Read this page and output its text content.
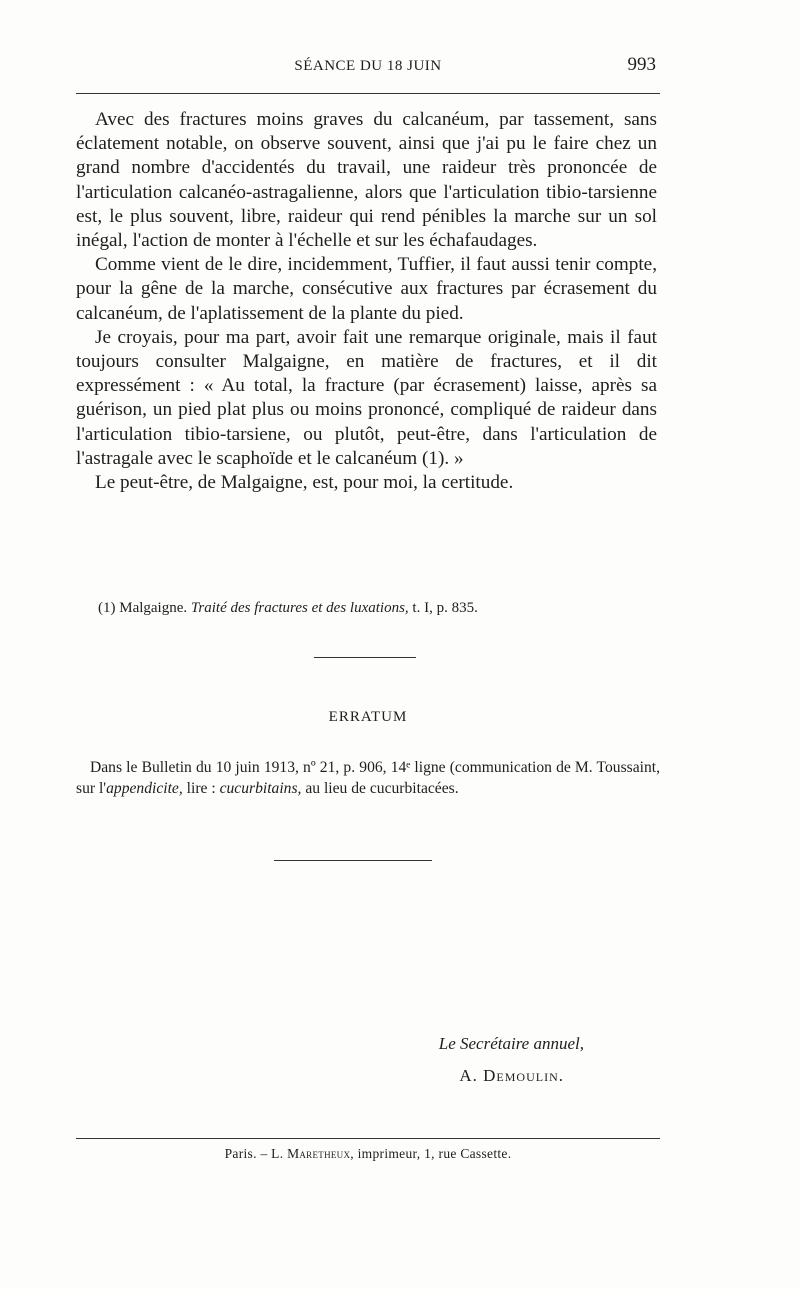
SÉANCE DU 18 JUIN	993

Avec des fractures moins graves du calcanéum, par tassement, sans éclatement notable, on observe souvent, ainsi que j'ai pu le faire chez un grand nombre d'accidentés du travail, une raideur très prononcée de l'articulation calcanéo-astragalienne, alors que l'articulation tibio-tarsienne est, le plus souvent, libre, raideur qui rend pénibles la marche sur un sol inégal, l'action de monter à l'échelle et sur les échafaudages.

Comme vient de le dire, incidemment, Tuffier, il faut aussi tenir compte, pour la gêne de la marche, consécutive aux fractures par écrasement du calcanéum, de l'aplatissement de la plante du pied.

Je croyais, pour ma part, avoir fait une remarque originale, mais il faut toujours consulter Malgaigne, en matière de fractures, et il dit expressément : « Au total, la fracture (par écrasement) laisse, après sa guérison, un pied plat plus ou moins prononcé, compliqué de raideur dans l'articulation tibio-tarsiene, ou plutôt, peut-être, dans l'articulation de l'astragale avec le scaphoïde et le calcanéum (1). »

Le peut-être, de Malgaigne, est, pour moi, la certitude.

(1) Malgaigne. Traité des fractures et des luxations, t. I, p. 835.
ERRATUM

Dans le Bulletin du 10 juin 1913, nº 21, p. 906, 14ᵉ ligne (communication de M. Toussaint, sur l'appendicite, lire : cucurbitains, au lieu de cucurbitacées.

Le Secrétaire annuel,
A. Demoulin.
Paris. – L. Maretheux, imprimeur, 1, rue Cassette.
